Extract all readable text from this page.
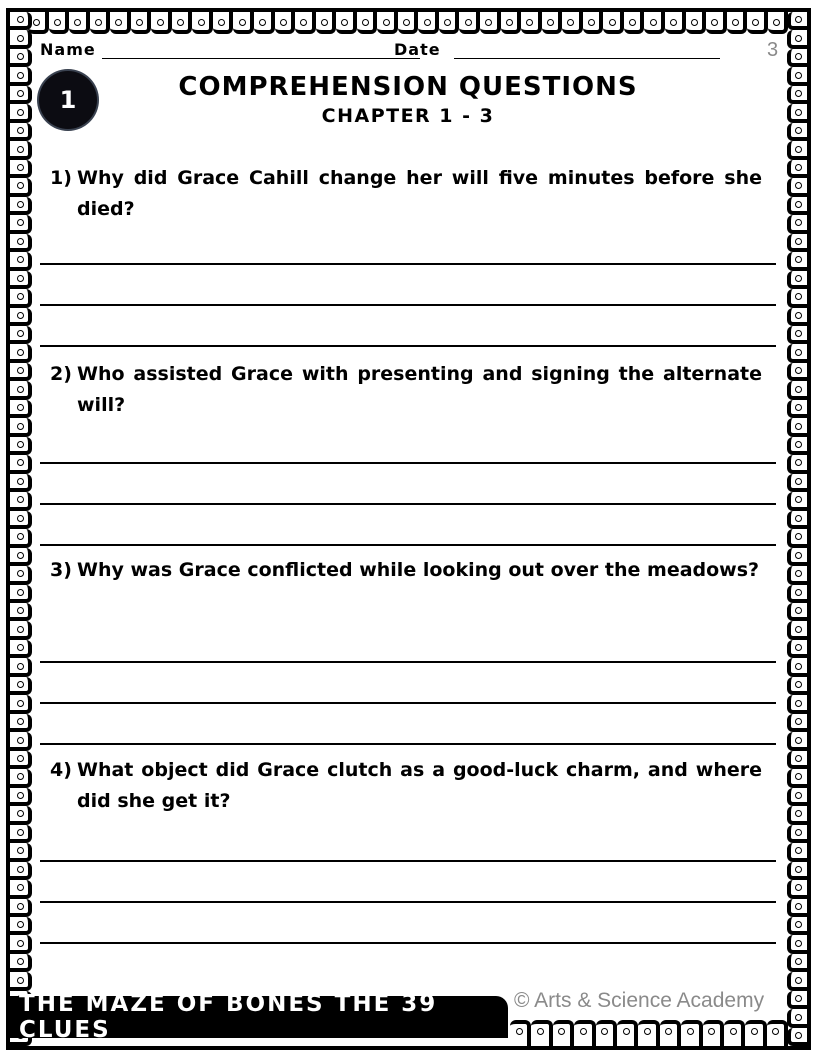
Name	Date	3
1	COMPREHENSION QUESTIONS
CHAPTER 1 - 3
1) Why did Grace Cahill change her will five minutes before she died?
2) Who assisted Grace with presenting and signing the alternate will?
3) Why was Grace conflicted while looking out over the meadows?
4) What object did Grace clutch as a good-luck charm, and where did she get it?
THE MAZE OF BONES THE 39 CLUES
© Arts & Science Academy
